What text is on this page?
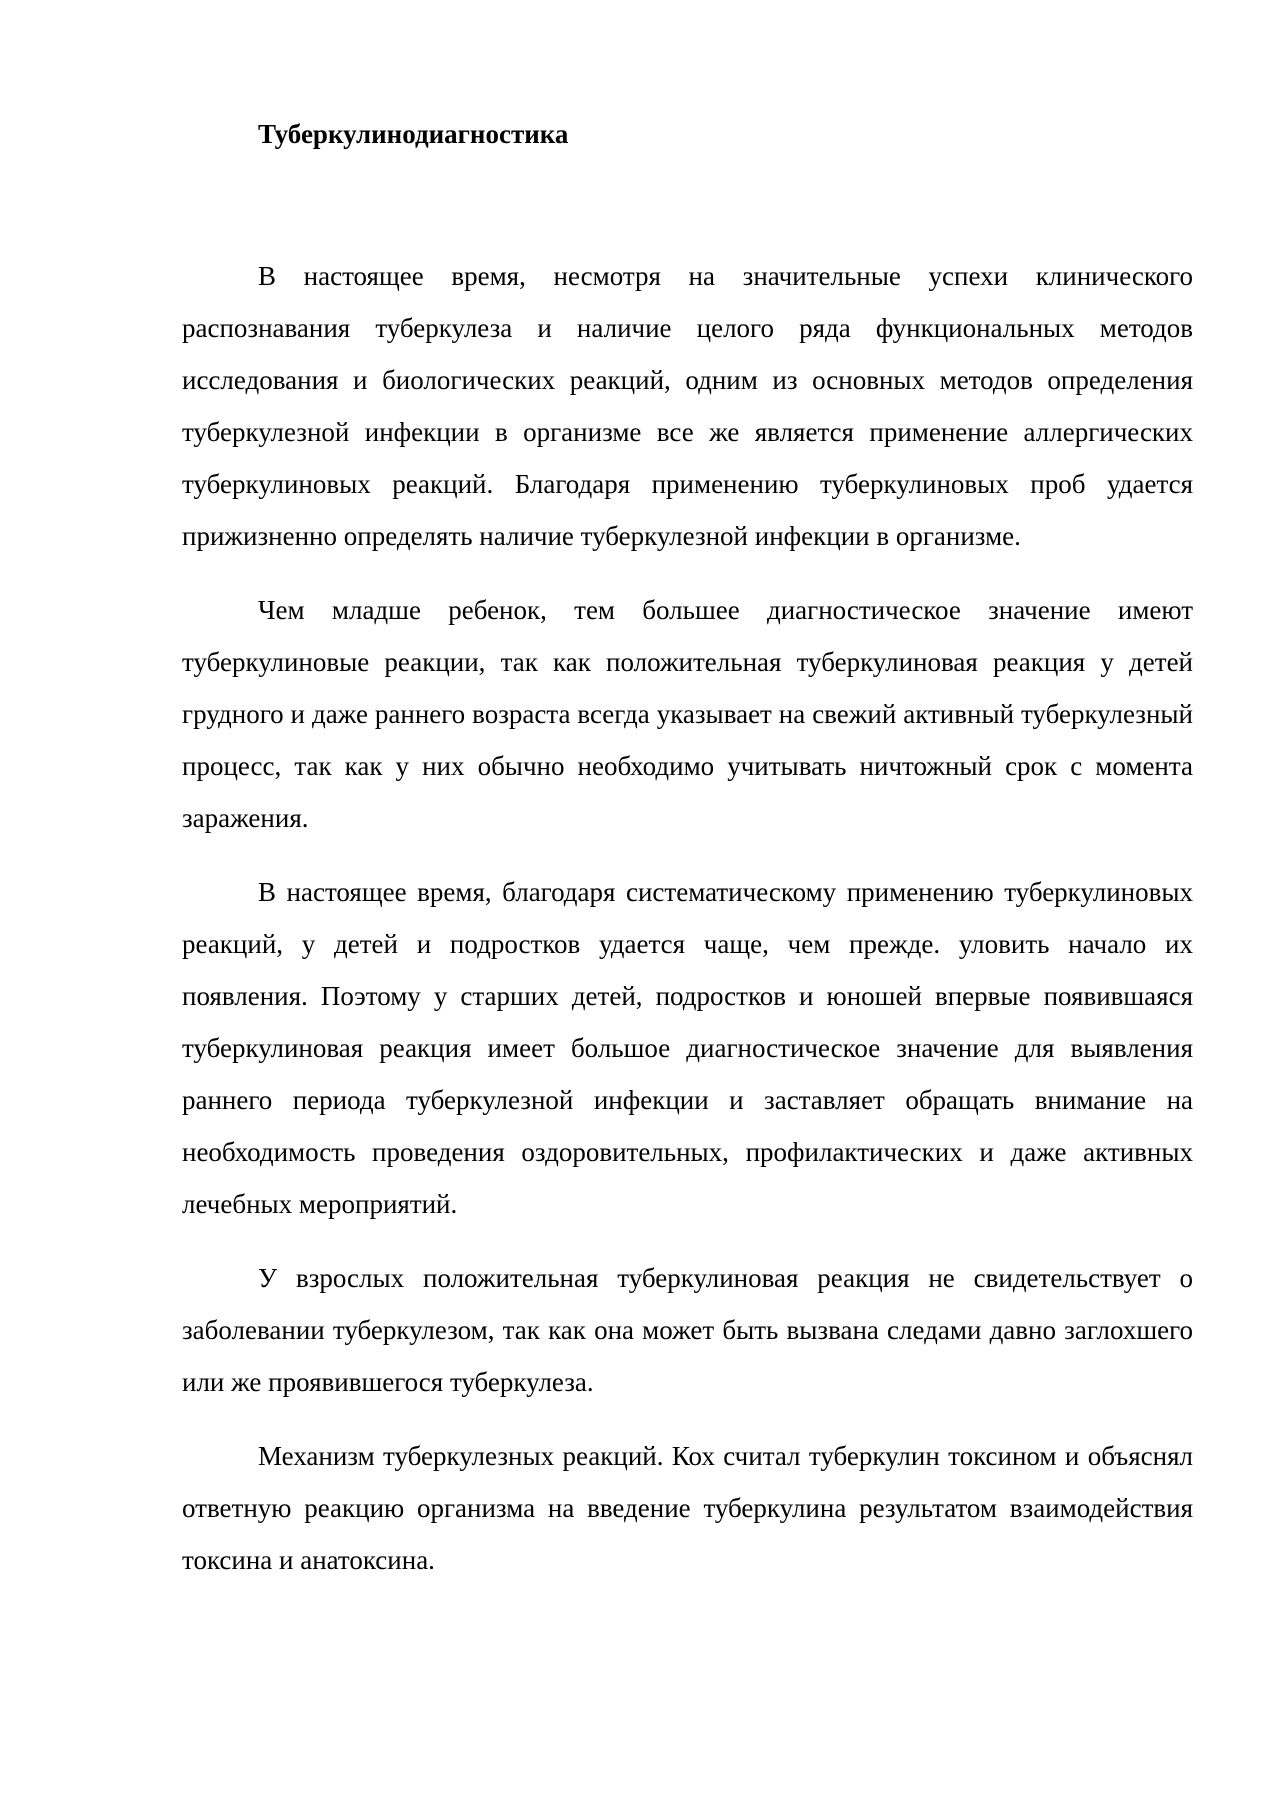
Туберкулинодиагностика

В настоящее время, несмотря на значительные успехи клинического распознавания туберкулеза и наличие целого ряда функциональных методов исследования и биологических реакций, одним из основных методов определения туберкулезной инфекции в организме все же является применение аллергических туберкулиновых реакций. Благодаря применению туберкулиновых проб удается прижизненно определять наличие туберкулезной инфекции в организме.

Чем младше ребенок, тем большее диагностическое значение имеют туберкулиновые реакции, так как положительная туберкулиновая реакция у детей грудного и даже раннего возраста всегда указывает на свежий активный туберкулезный процесс, так как у них обычно необходимо учитывать ничтожный срок с момента заражения.

В настоящее время, благодаря систематическому применению туберкулиновых реакций, у детей и подростков удается чаще, чем прежде. уловить начало их появления. Поэтому у старших детей, подростков и юношей впервые появившаяся туберкулиновая реакция имеет большое диагностическое значение для выявления раннего периода туберкулезной инфекции и заставляет обращать внимание на необходимость проведения оздоровительных, профилактических и даже активных лечебных мероприятий.

У взрослых положительная туберкулиновая реакция не свидетельствует о заболевании туберкулезом, так как она может быть вызвана следами давно заглохшего или же проявившегося туберкулеза.

Механизм туберкулезных реакций. Кох считал туберкулин токсином и объяснял ответную реакцию организма на введение туберкулина результатом взаимодействия токсина и анатоксина.
